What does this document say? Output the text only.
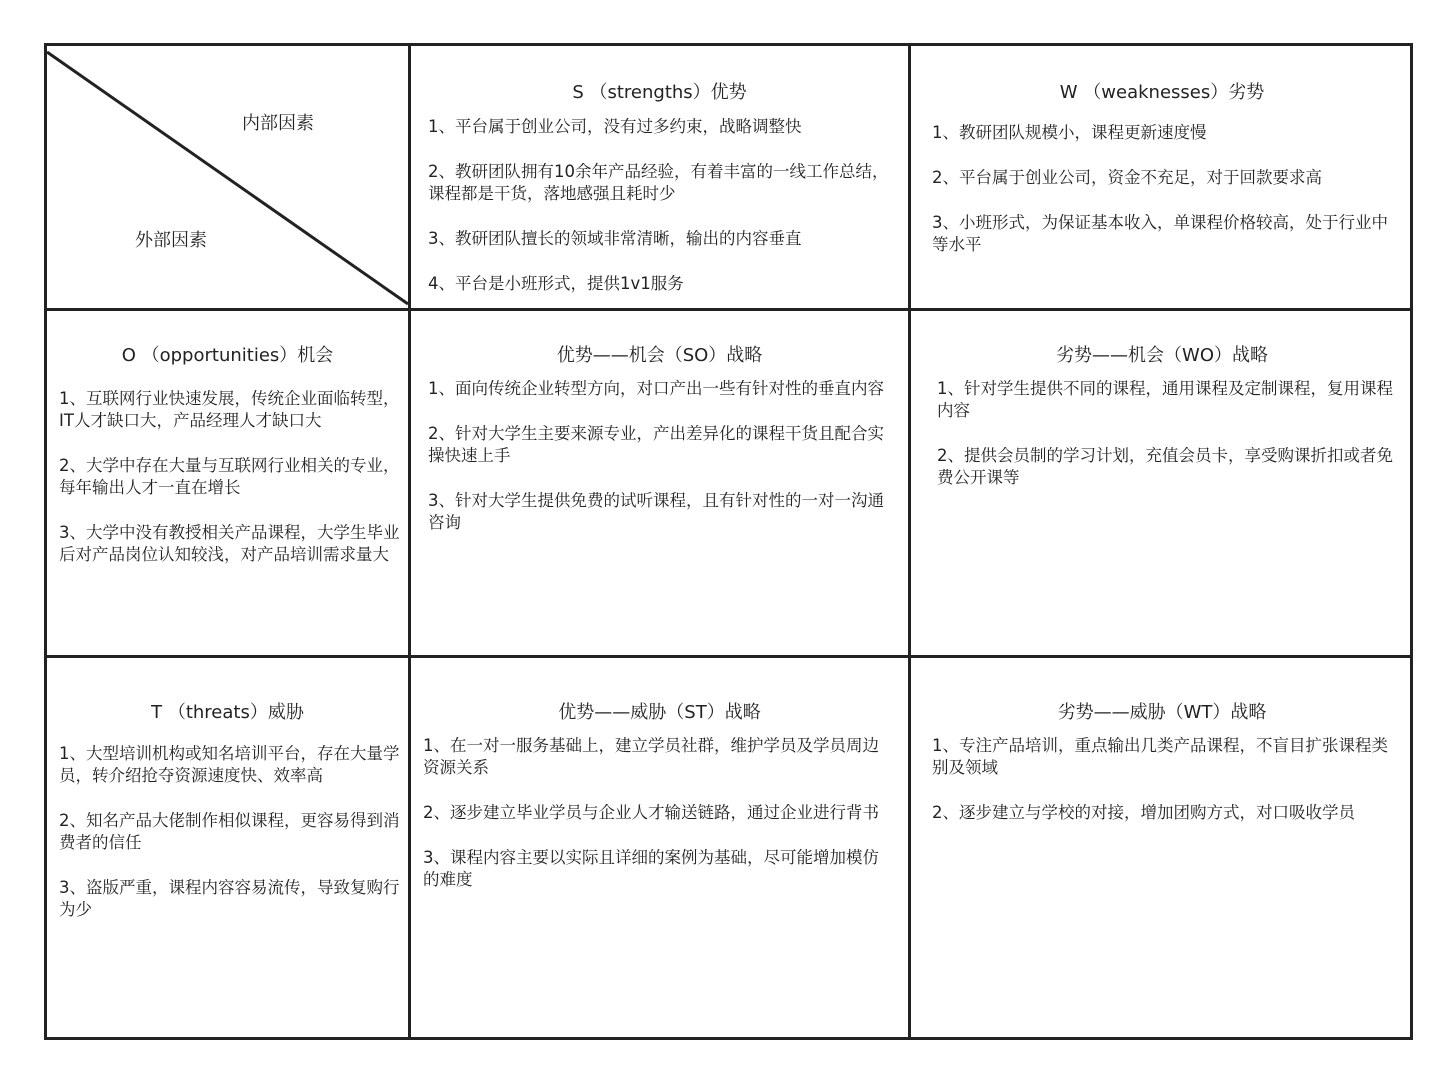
内部因素
外部因素
S （strengths）优势
1、平台属于创业公司，没有过多约束，战略调整快
2、教研团队拥有10余年产品经验，有着丰富的一线工作总结，课程都是干货，落地感强且耗时少
3、教研团队擅长的领域非常清晰，输出的内容垂直
4、平台是小班形式，提供1v1服务
W （weaknesses）劣势
1、教研团队规模小，课程更新速度慢
2、平台属于创业公司，资金不充足，对于回款要求高
3、小班形式，为保证基本收入，单课程价格较高，处于行业中等水平
O （opportunities）机会
1、互联网行业快速发展，传统企业面临转型，IT人才缺口大，产品经理人才缺口大
2、大学中存在大量与互联网行业相关的专业，每年输出人才一直在增长
3、大学中没有教授相关产品课程，大学生毕业后对产品岗位认知较浅，对产品培训需求量大
优势——机会（SO）战略
1、面向传统企业转型方向，对口产出一些有针对性的垂直内容
2、针对大学生主要来源专业，产出差异化的课程干货且配合实操快速上手
3、针对大学生提供免费的试听课程，且有针对性的一对一沟通咨询
劣势——机会（WO）战略
1、针对学生提供不同的课程，通用课程及定制课程，复用课程内容
2、提供会员制的学习计划，充值会员卡，享受购课折扣或者免费公开课等
T （threats）威胁
1、大型培训机构或知名培训平台，存在大量学员，转介绍抢夺资源速度快、效率高
2、知名产品大佬制作相似课程，更容易得到消费者的信任
3、盗版严重，课程内容容易流传，导致复购行为少
优势——威胁（ST）战略
1、在一对一服务基础上，建立学员社群，维护学员及学员周边资源关系
2、逐步建立毕业学员与企业人才输送链路，通过企业进行背书
3、课程内容主要以实际且详细的案例为基础，尽可能增加模仿的难度
劣势——威胁（WT）战略
1、专注产品培训，重点输出几类产品课程，不盲目扩张课程类别及领域
2、逐步建立与学校的对接，增加团购方式，对口吸收学员
